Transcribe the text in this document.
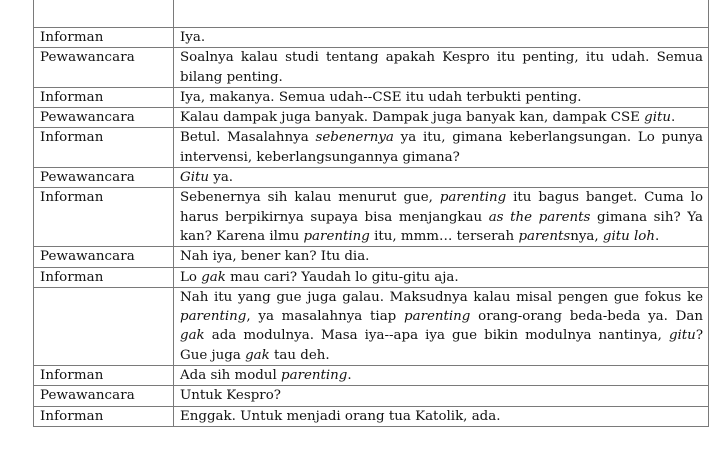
Informan	Iya.
Pewawancara	Soalnya kalau studi tentang apakah Kespro itu penting, itu udah. Semua bilang penting.
Informan	Iya, makanya. Semua udah--CSE itu udah terbukti penting.
Pewawancara	Kalau dampak juga banyak. Dampak juga banyak kan, dampak CSE gitu.
Informan	Betul. Masalahnya sebenernya ya itu, gimana keberlangsungan. Lo punya intervensi, keberlangsungannya gimana?
Pewawancara	Gitu ya.
Informan	Sebenernya sih kalau menurut gue, parenting itu bagus banget. Cuma lo harus berpikirnya supaya bisa menjangkau as the parents gimana sih? Ya kan? Karena ilmu parenting itu, mmm… terserah parentsnya, gitu loh.
Pewawancara	Nah iya, bener kan? Itu dia.
Informan	Lo gak mau cari? Yaudah lo gitu-gitu aja.
	Nah itu yang gue juga galau. Maksudnya kalau misal pengen gue fokus ke parenting, ya masalahnya tiap parenting orang-orang beda-beda ya. Dan gak ada modulnya. Masa iya--apa iya gue bikin modulnya nantinya, gitu? Gue juga gak tau deh.
Informan	Ada sih modul parenting.
Pewawancara	Untuk Kespro?
Informan	Enggak. Untuk menjadi orang tua Katolik, ada.
